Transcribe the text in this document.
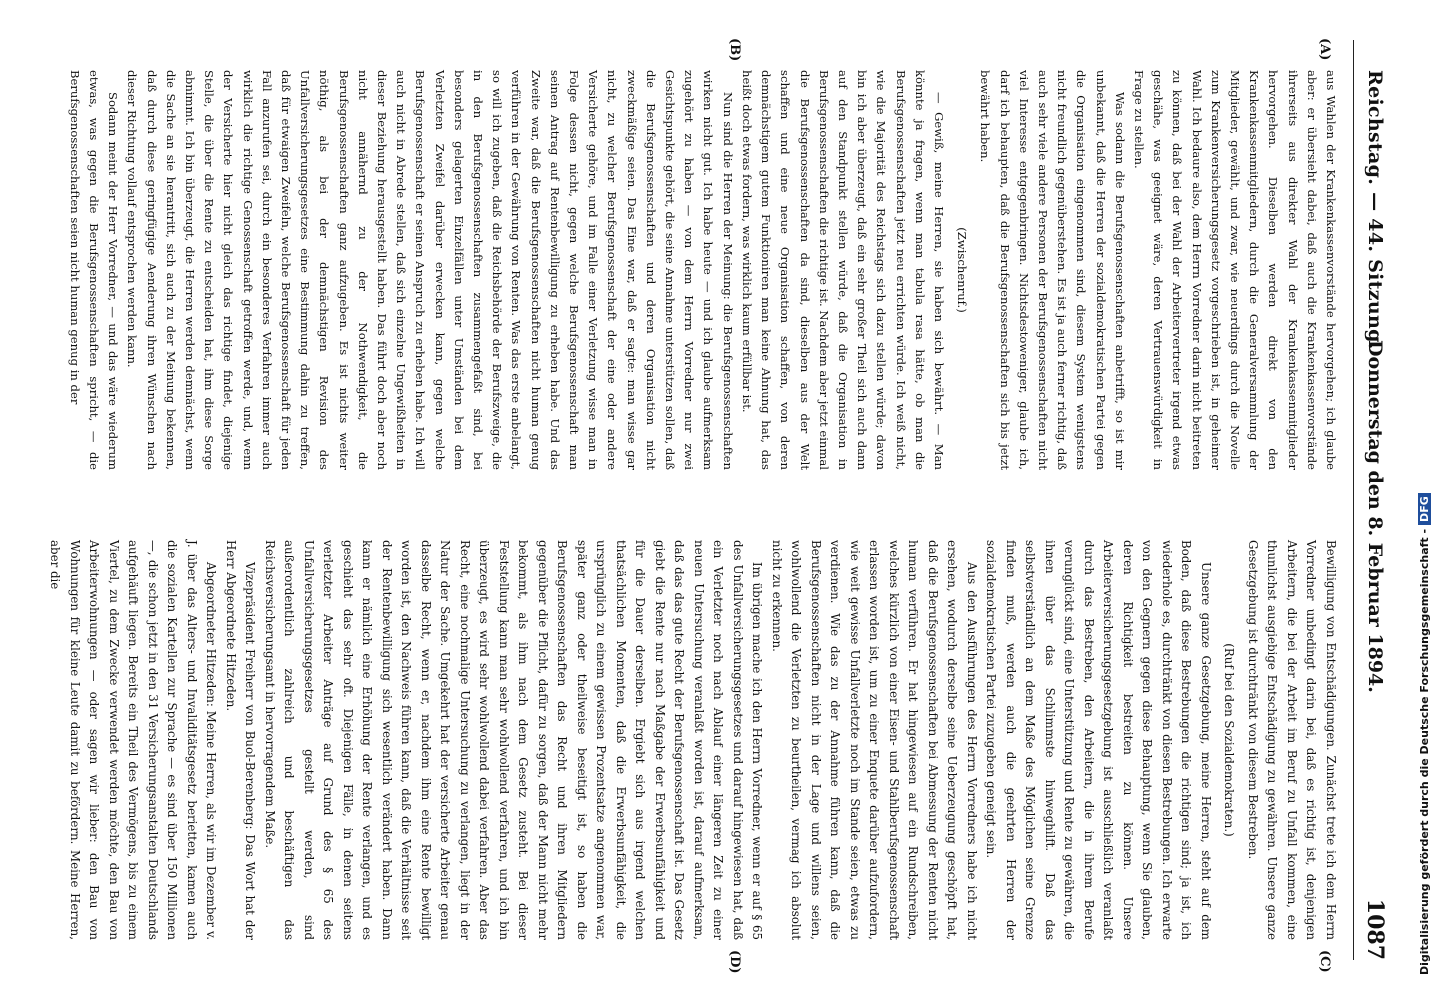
Reichstag. — 44. Sitzung.
Donnerstag den 8. Februar 1894.
1087
(A)
(B)
(C)
(D)

aus Wahlen der Krankenkassenvorstände hervorgehen; ich glaube aber: er übersieht dabei, daß auch die Krankenkassenvorstände ihrerseits aus direkter Wahl der Krankenkassenmitglieder hervorgehen. Dieselben werden direkt von den Krankenkassenmitgliedern, durch die Generalversammlung der Mitglieder, gewählt, und zwar, wie neuerdings durch die Novelle zum Krankenversicherungsgesetz vorgeschrieben ist, in geheimer Wahl. Ich bedaure also, dem Herrn Vorredner darin nicht beitreten zu können, daß bei der Wahl der Arbeitervertreter irgend etwas geschähe, was geeignet wäre, deren Vertrauenswürdigkeit in Frage zu stellen.

Was sodann die Berufsgenossenschaften anbetrifft, so ist mir unbekannt, daß die Herren der sozialdemokratischen Partei gegen die Organisation eingenommen sind, diesem System wenigstens nicht freundlich gegenüberstehen. Es ist ja auch ferner richtig, daß auch sehr viele andere Personen der Berufsgenossenschaften nicht viel Interesse entgegenbringen. Nichtsdestoweniger, glaube ich, darf ich behaupten, daß die Berufsgenossenschaften sich bis jetzt bewährt haben.

(Zwischenruf.)

— Gewiß, meine Herren, sie haben sich bewährt. — Man könnte ja fragen, wenn man tabula rasa hätte, ob man die Berufsgenossenschaften jetzt neu errichten würde. Ich weiß nicht, wie die Majorität des Reichstags sich dazu stellen würde; davon bin ich aber überzeugt, daß ein sehr großer Theil sich auch dann auf den Standpunkt stellen würde, daß die Organisation in Berufsgenossenschaften die richtige ist. Nachdem aber jetzt einmal die Berufsgenossenschaften da sind, dieselben aus der Welt schaffen und eine neue Organisation schaffen, von deren demnächstigem gutem Funktioniren man keine Ahnung hat, das heißt doch etwas fordern, was wirklich kaum erfüllbar ist.

Nun sind die Herren der Meinung: die Berufsgenossenschaften wirken nicht gut. Ich habe heute — und ich glaube aufmerksam zugehört zu haben — von dem Herrn Vorredner nur zwei Gesichtspunkte gehört, die seine Annahme unterstützen sollen, daß die Berufsgenossenschaften und deren Organisation nicht zweckmäßige seien. Das Eine war, daß er sagte: man wisse gar nicht, zu welcher Berufsgenossenschaft der eine oder andere Versicherte gehöre, und im Falle einer Verletzung wisse man in Folge dessen nicht, gegen welche Berufsgenossenschaft man seinen Antrag auf Rentenbewilligung zu erheben habe. Und das Zweite war, daß die Berufsgenossenschaften nicht human genug verführen in der Gewährung von Renten. Was das erste anbelangt, so will ich zugeben, daß die Reichsbehörde der Berufszweige, die in den Berufsgenossenschaften zusammengefaßt sind, bei besonders gelagerten Einzelfällen unter Umständen bei dem Verletzten Zweifel darüber erwecken kann, gegen welche Berufsgenossenschaft er seinen Anspruch zu erheben habe. Ich will auch nicht in Abrede stellen, daß sich einzelne Ungewißheiten in dieser Beziehung herausgestellt haben. Das führt doch aber noch nicht annähernd zu der Nothwendigkeit, die Berufsgenossenschaften ganz aufzugeben. Es ist nichts weiter nöthig, als bei der demnächstigen Revision des Unfallversicherungsgesetzes eine Bestimmung dahin zu treffen, daß für etwaigen Zweifeln, welche Berufsgenossenschaft für jeden Fall anzurufen sei, durch ein besonderes Verfahren immer auch wirklich die richtige Genossenschaft getroffen werde, und, wenn der Versicherte hier nicht gleich das richtige findet, diejenige Stelle, die über die Rente zu entscheiden hat, ihm diese Sorge abnimmt. Ich bin überzeugt, die Herren werden demnächst, wenn die Sache an sie herantritt, sich auch zu der Meinung bekennen, daß durch diese geringfügige Aenderung ihren Wünschen nach dieser Richtung vollauf entsprochen werden kann.

Sodann meint der Herr Vorredner, — und das wäre wiederum etwas, was gegen die Berufsgenossenschaften spricht, — die Berufsgenossenschaften seien nicht human genug in der

Bewilligung von Entschädigungen. Zunächst trete ich dem Herrn Vorredner unbedingt darin bei, daß es richtig ist, denjenigen Arbeitern, die bei der Arbeit im Beruf zu Unfall kommen, eine thunlichst ausgiebige Entschädigung zu gewähren. Unsere ganze Gesetzgebung ist durchtränkt von diesem Bestreben.

(Ruf bei den Sozialdemokraten.)

Unsere ganze Gesetzgebung, meine Herren, steht auf dem Boden, daß diese Bestrebungen die richtigen sind; ja ist, ich wiederhole es, durchtränkt von diesen Bestrebungen. Ich erwarte von den Gegnern gegen diese Behauptung, wenn Sie glauben, deren Richtigkeit bestreiten zu können. Unsere Arbeiterversicherungsgesetzgebung ist ausschließlich veranlaßt durch das Bestreben, den Arbeitern, die in ihrem Berufe verunglückt sind, eine Unterstützung und Rente zu gewähren, die ihnen über das Schlimmste hinweghilft. Daß das selbstverständlich an dem Maße des Möglichen seine Grenze finden muß, werden auch die geehrten Herren der sozialdemokratischen Partei zuzugeben geneigt sein.

Aus den Ausführungen des Herrn Vorredners habe ich nicht ersehen, wodurch derselbe seine Ueberzeugung geschöpft hat, daß die Berufsgenossenschaften bei Abmessung der Renten nicht human verführen. Er hat hingewiesen auf ein Rundschreiben, welches kürzlich von einer Eisen- und Stahlberufsgenossenschaft erlassen worden ist, um zu einer Enquete darüber aufzufordern, wie weit gewisse Unfallverletzte noch im Stande seien, etwas zu verdienen. Wie das zu der Annahme führen kann, daß die Berufsgenossenschaften nicht in der Lage und willens seien, wohlwollend die Verletzten zu beurtheilen, vermag ich absolut nicht zu erkennen.

Im übrigen mache ich den Herrn Vorredner, wenn er auf § 65 des Unfallversicherungsgesetzes und darauf hingewiesen hat, daß ein Verletzter noch nach Ablauf einer längeren Zeit zu einer neuen Untersuchung veranlaßt worden ist, darauf aufmerksam, daß das das gute Recht der Berufsgenossenschaft ist. Das Gesetz giebt die Rente nur nach Maßgabe der Erwerbsunfähigkeit und für die Dauer derselben. Ergiebt sich aus irgend welchen thatsächlichen Momenten, daß die Erwerbsunfähigkeit, die ursprünglich zu einem gewissen Prozentsatze angenommen war, später ganz oder theilweise beseitigt ist, so haben die Berufsgenossenschaften das Recht und ihren Mitgliedern gegenüber die Pflicht, dafür zu sorgen, daß der Mann nicht mehr bekommt, als ihm nach dem Gesetz zusteht. Bei dieser Feststellung kann man sehr wohlwollend verfahren, und ich bin überzeugt, es wird sehr wohlwollend dabei verfahren. Aber das Recht, eine nochmalige Untersuchung zu verlangen, liegt in der Natur der Sache. Umgekehrt hat der versicherte Arbeiter genau dasselbe Recht, wenn er, nachdem ihm eine Rente bewilligt worden ist, den Nachweis führen kann, daß die Verhältnisse seit der Rentenbewilligung sich wesentlich verändert haben. Dann kann er nämlich eine Erhöhung der Rente verlangen, und es geschieht das sehr oft. Diejenigen Fälle, in denen seitens verletzter Arbeiter Anträge auf Grund des § 65 des Unfallversicherungsgesetzes gestellt werden, sind außerordentlich zahlreich und beschäftigen das Reichsversicherungsamt in hervorragendem Maße.

Vizepräsident Freiherr von Buol-Berenberg: Das Wort hat der Herr Abgeordnete Hitzeden.

Abgeordneter Hitzeden: Meine Herren, als wir im Dezember v. J. über das Alters- und Invaliditätsgesetz berietten, kamen auch die sozialen Kartellen zur Sprache — es sind über 150 Millionen —, die schon jetzt in den 31 Versicherungsanstalten Deutschlands aufgehäuft liegen. Bereits ein Theil des Vermögens, bis zu einem Viertel, zu dem Zwecke verwendet werden möchte, den Bau von Arbeiterwohnungen — oder sagen wir lieber: den Bau von Wohnungen für kleine Leute damit zu befördern. Meine Herren, aber die	Digitalisierung gefördert durch die Deutsche Forschungsgemeinschaft -DFG
